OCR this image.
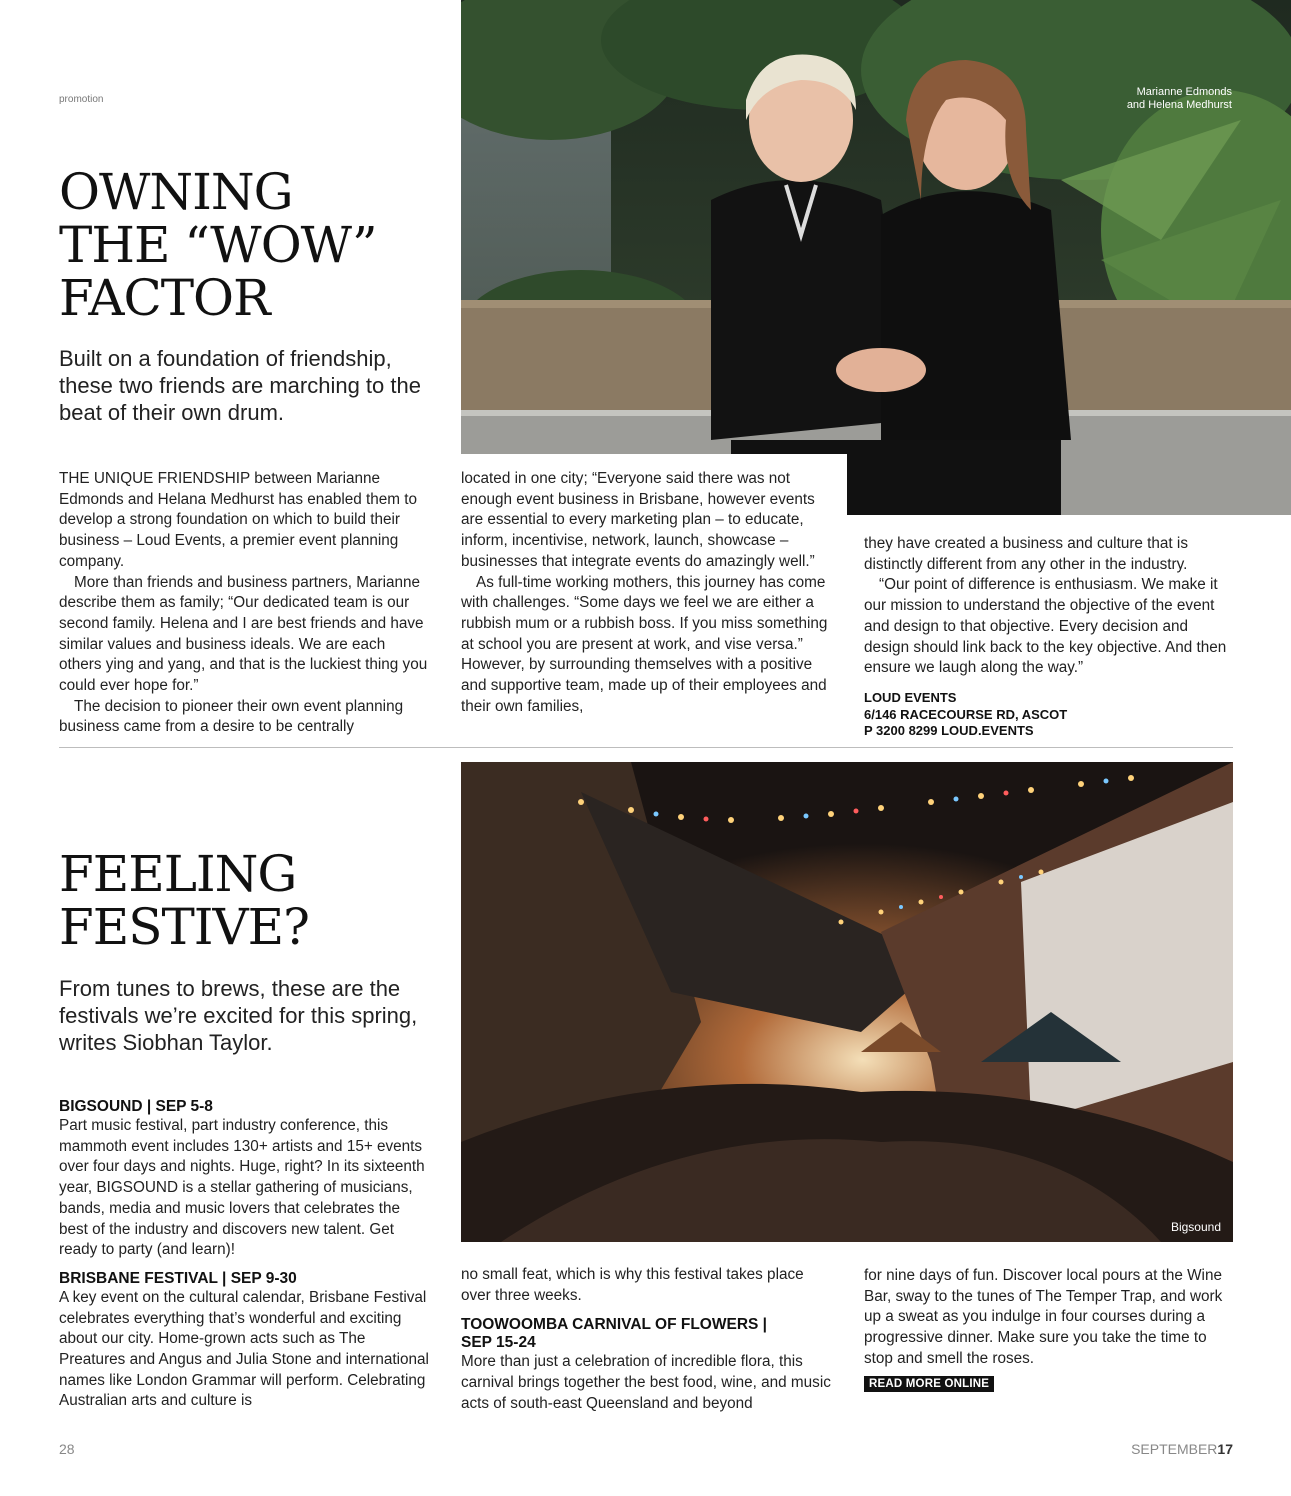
promotion
OWNING
THE “WOW”
FACTOR
Built on a foundation of friendship, these two friends are marching to the beat of their own drum.
Marianne Edmonds
and Helena Medhurst

THE UNIQUE FRIENDSHIP between Marianne Edmonds and Helana Medhurst has enabled them to develop a strong foundation on which to build their business – Loud Events, a premier event planning company.

More than friends and business partners, Marianne describe them as family; “Our dedicated team is our second family. Helena and I are best friends and have similar values and business ideals. We are each others ying and yang, and that is the luckiest thing you could ever hope for.”

The decision to pioneer their own event planning business came from a desire to be centrally

located in one city; “Everyone said there was not enough event business in Brisbane, however events are essential to every marketing plan – to educate, inform, incentivise, network, launch, showcase – businesses that integrate events do amazingly well.”

As full-time working mothers, this journey has come with challenges. “Some days we feel we are either a rubbish mum or a rubbish boss. If you miss something at school you are present at work, and vise versa.” However, by surrounding themselves with a positive and supportive team, made up of their employees and their own families,

they have created a business and culture that is distinctly different from any other in the industry.

“Our point of difference is enthusiasm. We make it our mission to understand the objective of the event and design to that objective. Every decision and design should link back to the key objective. And then ensure we laugh along the way.”

LOUD EVENTS
6/146 RACECOURSE RD, ASCOT
P 3200 8299 LOUD.EVENTS
FEELING
FESTIVE?
From tunes to brews, these are the festivals we’re excited for this spring, writes Siobhan Taylor.
Bigsound
BIGSOUND | SEP 5-8

Part music festival, part industry conference, this mammoth event includes 130+ artists and 15+ events over four days and nights. Huge, right? In its sixteenth year, BIGSOUND is a stellar gathering of musicians, bands, media and music lovers that celebrates the best of the industry and discovers new talent. Get ready to party (and learn)!

BRISBANE FESTIVAL | SEP 9-30

A key event on the cultural calendar, Brisbane Festival celebrates everything that’s wonderful and exciting about our city. Home-grown acts such as The Preatures and Angus and Julia Stone and international names like London Grammar will perform. Celebrating Australian arts and culture is

no small feat, which is why this festival takes place over three weeks.

TOOWOOMBA CARNIVAL OF FLOWERS | SEP 15-24

More than just a celebration of incredible flora, this carnival brings together the best food, wine, and music acts of south-east Queensland and beyond

for nine days of fun. Discover local pours at the Wine Bar, sway to the tunes of The Temper Trap, and work up a sweat as you indulge in four courses during a progressive dinner. Make sure you take the time to stop and smell the roses.

READ MORE ONLINE
28	SEPTEMBER17
